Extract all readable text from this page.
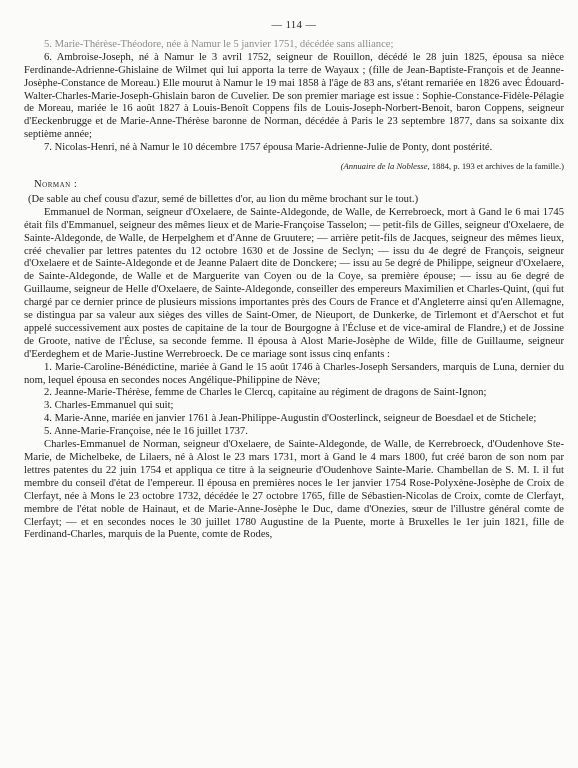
— 114 —

5. Marie-Thérèse-Théodore, née à Namur le 5 janvier 1751, décédée sans alliance;

6. Ambroise-Joseph, né à Namur le 3 avril 1752, seigneur de Rouillon, décédé le 28 juin 1825, épousa sa nièce Ferdinande-Adrienne-Ghislaine de Wilmet qui lui apporta la terre de Wayaux ; (fille de Jean-Baptiste-François et de Jeanne-Josèphe-Constance de Moreau.) Elle mourut à Namur le 19 mai 1858 à l'âge de 83 ans, s'étant remariée en 1826 avec Édouard-Walter-Charles-Marie-Joseph-Ghislain baron de Cuvelier. De son premier mariage est issue : Sophie-Constance-Fidèle-Pélagie de Moreau, mariée le 16 août 1827 à Louis-Benoît Coppens fils de Louis-Joseph-Norbert-Benoit, baron Coppens, seigneur d'Eeckenbrugge et de Marie-Anne-Thérèse baronne de Norman, décédée à Paris le 23 septembre 1877, dans sa soixante dix septième année;

7. Nicolas-Henri, né à Namur le 10 décembre 1757 épousa Marie-Adrienne-Julie de Ponty, dont postérité.

(Annuaire de la Noblesse, 1884, p. 193 et archives de la famille.)
Norman :

(De sable au chef cousu d'azur, semé de billettes d'or, au lion du même brochant sur le tout.)

Emmanuel de Norman, seigneur d'Oxelaere, de Sainte-Aldegonde, de Walle, de Kerrebroeck, mort à Gand le 6 mai 1745 était fils d'Emmanuel, seigneur des mêmes lieux et de Marie-Françoise Tasselon; — petit-fils de Gilles, seigneur d'Oxelaere, de Sainte-Aldegonde, de Walle, de Herpelghem et d'Anne de Gruutere; — arrière petit-fils de Jacques, seigneur des mêmes lieux, créé chevalier par lettres patentes du 12 octobre 1630 et de Jossine de Seclyn; — issu du 4e degré de François, seigneur d'Oxelaere et de Sainte-Aldegonde et de Jeanne Palaert dite de Donckere; — issu au 5e degré de Philippe, seigneur d'Oxelaere, de Sainte-Aldegonde, de Walle et de Marguerite van Coyen ou de la Coye, sa première épouse; — issu au 6e degré de Guillaume, seigneur de Helle d'Oxelaere, de Sainte-Aldegonde, conseiller des empereurs Maximilien et Charles-Quint, (qui fut chargé par ce dernier prince de plusieurs missions importantes près des Cours de France et d'Angleterre ainsi qu'en Allemagne, se distingua par sa valeur aux sièges des villes de Saint-Omer, de Nieuport, de Dunkerke, de Tirlemont et d'Aerschot et fut appelé successivement aux postes de capitaine de la tour de Bourgogne à l'Écluse et de vice-amiral de Flandre,) et de Jossine de Groote, native de l'Écluse, sa seconde femme. Il épousa à Alost Marie-Josèphe de Wilde, fille de Guillaume, seigneur d'Eerdeghem et de Marie-Justine Werrebroeck. De ce mariage sont issus cinq enfants :

1. Marie-Caroline-Bénédictine, mariée à Gand le 15 août 1746 à Charles-Joseph Sersanders, marquis de Luna, dernier du nom, lequel épousa en secondes noces Angélique-Philippine de Nève;

2. Jeanne-Marie-Thérèse, femme de Charles le Clercq, capitaine au régiment de dragons de Saint-Ignon;

3. Charles-Emmanuel qui suit;

4. Marie-Anne, mariée en janvier 1761 à Jean-Philippe-Augustin d'Oosterlinck, seigneur de Boesdael et de Stichele;

5. Anne-Marie-Françoise, née le 16 juillet 1737.

Charles-Emmanuel de Norman, seigneur d'Oxelaere, de Sainte-Aldegonde, de Walle, de Kerrebroeck, d'Oudenhove Ste-Marie, de Michelbeke, de Lilaers, né à Alost le 23 mars 1731, mort à Gand le 4 mars 1800, fut créé baron de son nom par lettres patentes du 22 juin 1754 et appliqua ce titre à la seigneurie d'Oudenhove Sainte-Marie. Chambellan de S. M. I. il fut membre du conseil d'état de l'empereur. Il épousa en premières noces le 1er janvier 1754 Rose-Polyxène-Josèphe de Croix de Clerfayt, née à Mons le 23 octobre 1732, décédée le 27 octobre 1765, fille de Sébastien-Nicolas de Croix, comte de Clerfayt, membre de l'état noble de Hainaut, et de Marie-Anne-Josèphe le Duc, dame d'Onezies, sœur de l'illustre général comte de Clerfayt; — et en secondes noces le 30 juillet 1780 Augustine de la Puente, morte à Bruxelles le 1er juin 1821, fille de Ferdinand-Charles, marquis de la Puente, comte de Rodes,
